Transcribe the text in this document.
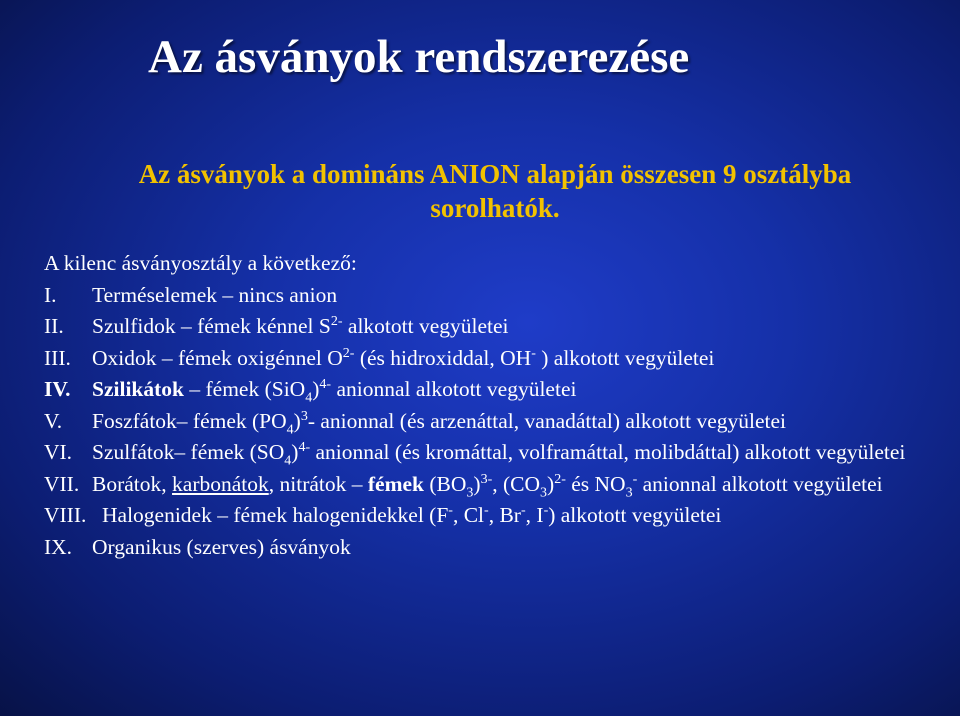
Az ásványok rendszerezése
Az ásványok a domináns ANION alapján összesen 9 osztályba sorolhatók.
A kilenc ásványosztály a következő:
I.	Terméselemek – nincs anion
II.	Szulfidok – fémek kénnel $S^{2-}$ alkotott vegyületei
III. Oxidok – fémek oxigénnel $O^{2-}$ (és hidroxiddal, OH- ) alkotott vegyületei
IV.	Szilikátok – fémek $(SiO_4)^{4-}$ anionnal alkotott vegyületei
V.	Foszfátok– fémek $(PO_4)^3-$ anionnal (és arzenáttal, vanadáttal) alkotott vegyületei
VI. Szulfátok– fémek $(SO_4)^{4-}$ anionnal (és kromáttal, volframáttal, molibdáttal) alkotott vegyületei
VII. Borátok, karbonátok, nitrátok – fémek $(BO_3)^{3-}$, $(CO_3)^{2-}$ és $NO_3^-$ anionnal alkotott vegyületei
VIII. Halogenidek – fémek halogenidekkel (F-, Cl-, Br-, I-) alkotott vegyületei
IX. Organikus (szerves) ásványok
